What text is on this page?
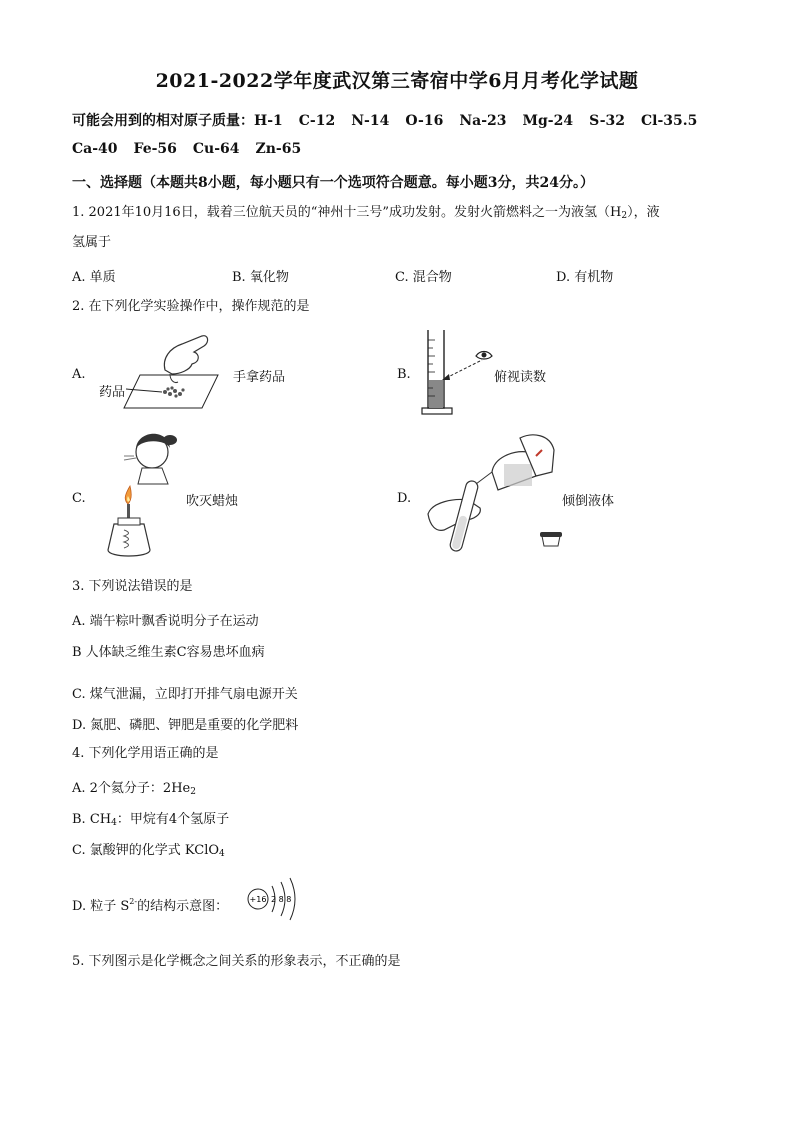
2021-2022学年度武汉第三寄宿中学6月月考化学试题
可能会用到的相对原子质量：H-1 C-12 N-14 O-16 Na-23 Mg-24 S-32 Cl-35.5
Ca-40 Fe-56 Cu-64 Zn-65
一、选择题（本题共8小题，每小题只有一个选项符合题意。每小题3分，共24分。）
1. 2021年10月16日，载着三位航天员的“神州十三号”成功发射。发射火箭燃料之一为液氢$(H_2)$，液
氢属于
A. 单质	B. 氧化物	C. 混合物	D. 有机物
2. 在下列化学实验操作中，操作规范的是
A.
药品
手拿药品	B.	俯视读数
C.	吹灭蜡烛	D.	倾倒液体
3. 下列说法错误的是
A. 端午粽叶飘香说明分子在运动
B 人体缺乏维生素C容易患坏血病
C. 煤气泄漏，立即打开排气扇电源开关
D. 氮肥、磷肥、钾肥是重要的化学肥料
4. 下列化学用语正确的是
A. 2个氦分子：$2He_2$
B. $CH_4$：甲烷有4个氢原子
C. 氯酸钾的化学式 KClO$_4$
D. 粒子 $S^{2-}$的结构示意图：	+16 2 8 8
5. 下列图示是化学概念之间关系的形象表示，不正确的是
